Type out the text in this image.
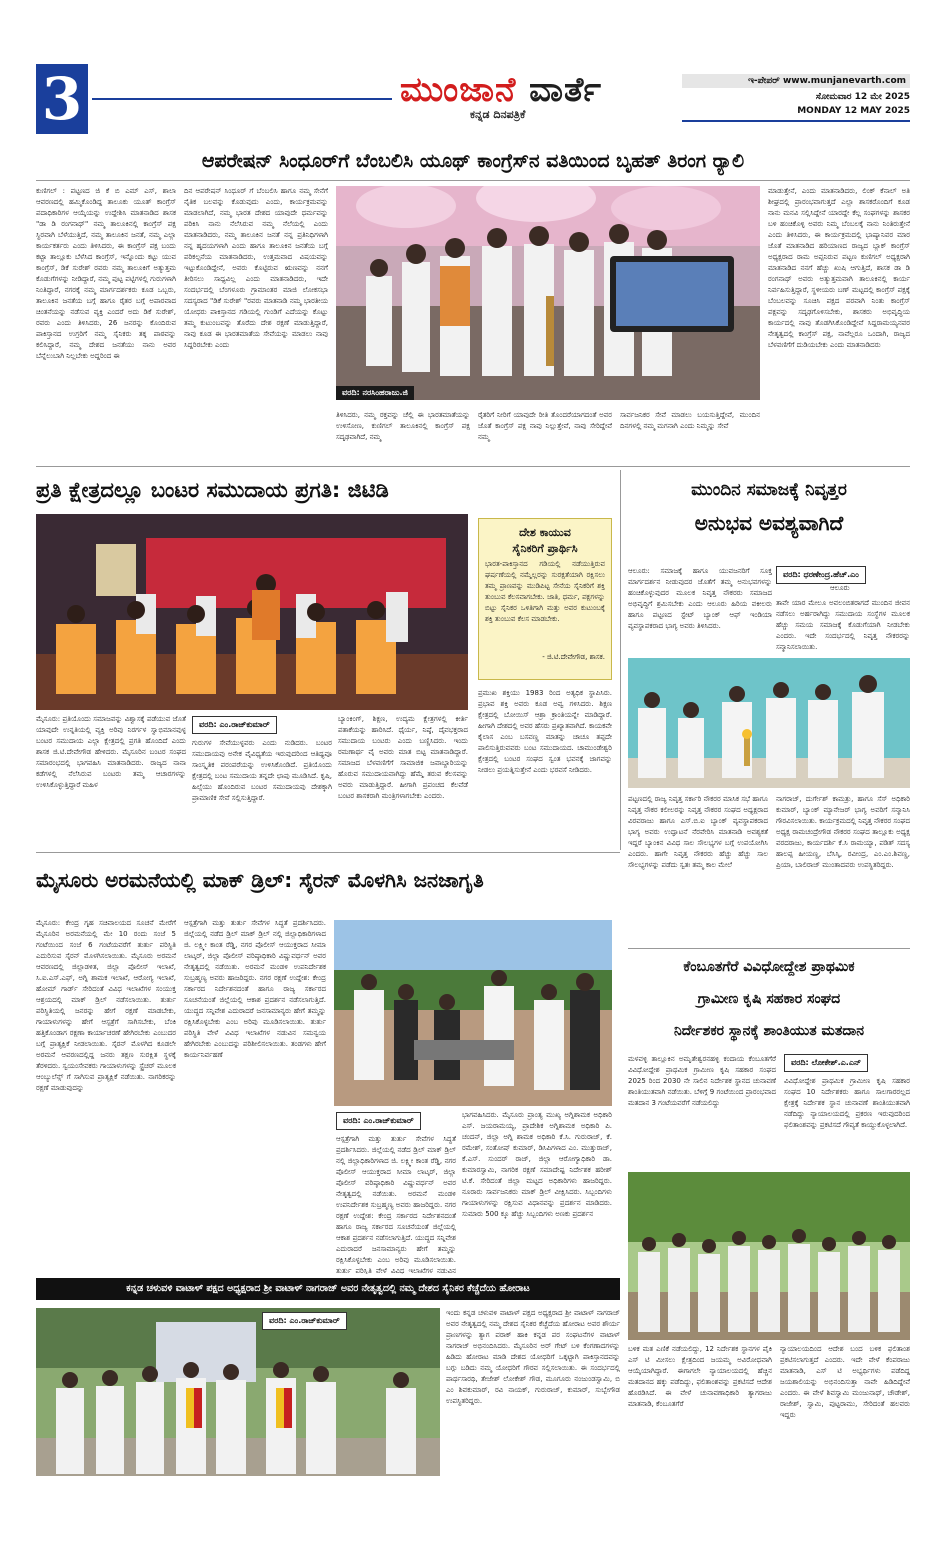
3	ಮುಂಜಾನೆ ವಾರ್ತೆ
ಕನ್ನಡ ದಿನಪತ್ರಿಕೆ
ಇ-ಪೇಪರ್ www.munjanevarth.com
ಸೋಮವಾರ 12 ಮೇ 2025
MONDAY 12 MAY 2025
ಆಪರೇಷನ್ ಸಿಂಧೂರ್‌ಗೆ ಬೆಂಬಲಿಸಿ ಯೂಥ್ ಕಾಂಗ್ರೆಸ್‌ನ ವತಿಯಿಂದ ಬೃಹತ್ ತಿರಂಗ ರ್‍ಯಾಲಿ
ಕುಣಿಗಲ್ : ಪಟ್ಟಣದ ಜಿ ಕೆ ಬಿ ಎಮ್ ಎಸ್, ಶಾಲಾ ಆವರಣದಲ್ಲಿ ಹಮ್ಮಿಕೊಂಡಿದ್ದ ತಾಲೂಕು ಯೂತ್ ಕಾಂಗ್ರೆಸ್ ಪದಾಧಿಕಾರಿಗಳ ಆಯ್ಕೆಯನ್ನು ಉದ್ದೇಶಿಸಿ ಮಾತನಾಡಿದ ಶಾಸಕ "ಡಾ ಡಿ ರಂಗನಾಥ್" ನಮ್ಮ ತಾಲೂಕಿನಲ್ಲಿ ಕಾಂಗ್ರೆಸ್ ಪಕ್ಷ ಸ್ಥಿರವಾಗಿ ಬೆಳೆಯುತ್ತಿದೆ, ನಮ್ಮ ತಾಲೂಕಿನ ಜನತೆ, ನಮ್ಮ ಎಲ್ಲಾ ಕಾರ್ಯಕರ್ತರು ಎಂದು ತಿಳಿಸಿದರು, ಈ ಕಾಂಗ್ರೆಸ್ ಪಕ್ಷ ಬಂದು ಕಟ್ಟಾ ತಾಲ್ಲೂಕು ಬೆಳೆಸಿದ ಕಾಂಗ್ರೆಸ್, ಇನ್ನೊಂದು ಕಟ್ಟು ಯುವ ಕಾಂಗ್ರೆಸ್, ಡಿಕೆ ಸುರೇಶ್ ರವರು ನಮ್ಮ ತಾಲೂಕಿಗೆ ಅತ್ಯುತ್ತಮ ಕೊಡುಗೆಗಳನ್ನು ನೀಡಿದ್ದಾರೆ, ನಮ್ಮ ಪುಟ್ಟ ಪಟ್ಟಿಗಳಲ್ಲಿ ಗುರುಗಳಾಗಿ ನಿಂತಿದ್ದಾರೆ, ನಗರಕ್ಕೆ ನಮ್ಮ ಮಾರ್ಗದರ್ಶಕರು ಕೂಡ ಒಬ್ಬರು, ತಾಲೂಕಿನ ಜನತೆಯ ಬಗ್ಗೆ ಹಾಗೂ ರೈತರ ಬಗ್ಗೆ ಅಪಾರವಾದ ಚಿಂತನೆಯನ್ನು ನಡೆಸುವ ವ್ಯಕ್ತಿ ಎಂದರೆ ಅದು ಡಿಕೆ ಸುರೇಶ್, ರವರು ಎಂದು ತಿಳಿಸಿದರು, 26 ಜನರನ್ನು ಕೊಂದಿರುವ ಪಾಕಿಸ್ತಾನದ ಉಗ್ರರಿಗೆ ನಮ್ಮ ಸೈನಿಕರು ತಕ್ಕ ಪಾಠವನ್ನು ಕಲಿಸಿದ್ದಾರೆ, ನಮ್ಮ ದೇಶದ ಜನತೆಯು ನಾನು ಅವರ ಬೆನ್ನೆಲುಬಾಗಿ ನಿಲ್ಲಬೇಕು ಅದ್ದರಿಂದ ಈ
ದಿನ ಆಪರೇಷನ್ ಸಿಂಧೂರ್ ಗೆ ಬೆಂಬಲಿಸಿ ಹಾಗೂ ನಮ್ಮ ಸೇನೆಗೆ ನೈತಿಕ ಬಲವನ್ನು ಕೊಡುವುದು ಎಂದು, ಕಾರ್ಯಕ್ರಮವನ್ನು ಮಾಡಲಾಗಿದೆ, ನಮ್ಮ ಭಾರತ ದೇಶದ ಯಾವುದೇ ಧರ್ಮವನ್ನು ಪರಿಕಿಸಿ ನಾನು ನೆಲೆಸಿರುವ ನಮ್ಮ ನೆಲೆಯಲ್ಲಿ ಎಂದು ಮಾತನಾಡಿದರು, ನಮ್ಮ ತಾಲೂಕಿನ ಜನತೆ ನನ್ನ ಪ್ರತಿನಿಧಿಗಳಾಗಿ ನನ್ನ ಹೃದಯಗಳಾಗಿ ಎಂದು ಹಾಗೂ ತಾಲೂಕಿನ ಜನತೆಯ ಬಗ್ಗೆ ಪರಿಕಲ್ಪನೆಯ ಮಾತನಾಡಿದರು, ಉತ್ತಮವಾದ ವಿಷಯವನ್ನು ಇಟ್ಟುಕೊಂಡಿದ್ದೇನೆ, ಅವರು ಕೊಟ್ಟಿರುವ ಋಣವನ್ನು ನನಗೆ ತೀರಿಸಲು ಸಾಧ್ಯವಿಲ್ಲ ಎಂದು ಮಾತನಾಡಿದರು, ಇದೇ ಸಂದರ್ಭದಲ್ಲಿ ಬೆಂಗಳೂರು ಗ್ರಾಮಾಂತರ ಮಾಜಿ ಲೋಕಸಭಾ ಸದಸ್ಯರಾದ "ಡಿಕೆ ಸುರೇಶ್ "ರವರು ಮಾತನಾಡಿ ನಮ್ಮ ಭಾರತೀಯ ಯೋಧರು ಪಾಕಿಸ್ತಾನದ ಗಡಿಯಲ್ಲಿ ಗುಂಡಿಗೆ ಎದೆಯನ್ನು ಕೊಟ್ಟು ತಮ್ಮ ಕುಟುಂಬವನ್ನು ತೊರೆದು ದೇಶ ರಕ್ಷಣೆ ಮಾಡುತ್ತಿದ್ದಾರೆ, ನಾವು ಕೂಡ ಈ ಭಾರತಮಾತೆಯ ಸೇವೆಯನ್ನು ಮಾಡಲು ನಾವು ಸಿದ್ದರಿರಬೇಕು ಎಂದು
ವರದಿ: ನರಸಿಂಹರಾಜು.ಜಿ
ತಿಳಿಸಿದರು, ನಮ್ಮ ರಕ್ತವನ್ನು ಚೆಲ್ಲಿ ಈ ಭಾರತಮಾತೆಯನ್ನು ಉಳಿಸೋಣ, ಕುಣಿಗಲ್ ತಾಲೂಕಿನಲ್ಲಿ ಕಾಂಗ್ರೆಸ್ ಪಕ್ಷ ಸದೃಢವಾಗಿದೆ, ನಮ್ಮ
ರೈತರಿಗೆ ನೀರಿಗೆ ಯಾವುದೇ ರೀತಿ ತೊಂದರೆಯಾಗದಂತೆ ಅವರ ಜೊತೆ ಕಾಂಗ್ರೆಸ್ ಪಕ್ಷ ನಾವು ನಿಲ್ಲುತ್ತೇವೆ, ನಾವು ಸೇರಿದ್ದೇವೆ ನಮ್ಮ
ಸಾರ್ವಜನಿಕರ ಸೇವೆ ಮಾಡಲು ಬಯಸುತ್ತಿದ್ದೇವೆ, ಮುಂದಿನ ದಿನಗಳಲ್ಲಿ ನಮ್ಮ ಮಗನಾಗಿ ಎಂದು ನಿಮ್ಮನ್ನು ಸೇವೆ
ಮಾಡುತ್ತೇನೆ, ಎಂದು ಮಾತನಾಡಿದರು, ಲಿಂಕ್ ಕೆನಾಲ್ ಅತಿ ಶೀಘ್ರದಲ್ಲಿ ಪ್ರಾರಂಭವಾಗುತ್ತದೆ ಎಲ್ಲಾ ಶಾಸಕರೊಂದಿಗೆ ಕೂಡ ನಾನು ಮನವಿ ಸಲ್ಲಿಸಿದ್ದೇನೆ ಯಾರದ್ದೇ ಕೆಲ್ಲ ಸಂಘಗಳನ್ನು ಶಾಸಕರ ಬಳಿ ಹಂಚಿಕೊಳ್ಳಿ ಅವರು ನಿಮ್ಮ ಬೆಂಬಲಕ್ಕೆ ನಾನು ನಿಂತಿರುತ್ತೇನೆ ಎಂದು ತಿಳಿಸಿದರು, ಈ ಕಾರ್ಯಕ್ರಮದಲ್ಲಿ ಭಾಷ್ಯಾನಿವರ ಮಾರ ಜೊತೆ ಮಾತನಾಡಿದ ಹರಿಯಾಣದ ರಾಜ್ಯದ ಬ್ಲಾಕ್ ಕಾಂಗ್ರೆಸ್ ಅಧ್ಯಕ್ಷರಾದ ರಾಮ ಅಪ್ಪನಿರುವ ಪಟ್ಟಣ ಕುಣಿಗಲ್ ಅಧ್ಯಕ್ಷರಾಗಿ ಮಾತನಾಡಿದ ನನಗೆ ಹೆಚ್ಚು ಖುಷಿ ಆಗುತ್ತಿದೆ, ಶಾಸಕ ಡಾ ಡಿ ರಂಗನಾಥ್ ಅವರು ಅತ್ಯುತ್ತಮವಾಗಿ ತಾಲೂಕಿನಲ್ಲಿ ಕಾರ್ಯ ನಿರ್ವಹಿಸುತ್ತಿದ್ದಾರೆ, ಸ್ಥಳೀಯರು ಬಣ್ ಮಟ್ಟದಲ್ಲಿ ಕಾಂಗ್ರೆಸ್ ಪಕ್ಷಕ್ಕೆ ಬೆಂಬಲವನ್ನು ಸೂಚಿಸಿ ಪಕ್ಷದ ಪರವಾಗಿ ನಿಂತು ಕಾಂಗ್ರೆಸ್ ಪಕ್ಷವನ್ನು ಸದೃಢಗೊಳಿಸಬೇಕು, ಶಾಸಕರು ಅಭಿವೃದ್ಧಿಯ ಕಾರ್ಯದಲ್ಲಿ ನಾವು ತೊಡಗಿಸಿಕೊಂಡಿದ್ದೇವೆ ಸಿದ್ದರಾಮಯ್ಯನವರ ನೇತೃತ್ವದಲ್ಲಿ ಕಾಂಗ್ರೆಸ್ ಪಕ್ಷ, ನಾವೆಲ್ಲರೂ ಒಂದಾಗಿ, ರಾಜ್ಯದ ಬೆಳವಣಿಗೆಗೆ ದುಡಿಯಬೇಕು ಎಂದು ಮಾತನಾಡಿದರು
ಪ್ರತಿ ಕ್ಷೇತ್ರದಲ್ಲೂ ಬಂಟರ ಸಮುದಾಯ ಪ್ರಗತಿ: ಜಿಟಿಡಿ
ವರದಿ: ಎಂ.ರಾಜ್‌ಕುಮಾರ್
ಮೈಸೂರು: ಪ್ರತಿಯೊಂದು ಸಮಾಜವನ್ನು ವಿಶ್ವಾಸಕ್ಕೆ ಪಡೆಯುವ ಜೊತೆ ಯಾವುದೇ ಉನ್ನತಿಯಲ್ಲಿ ವ್ಯಕ್ತಿ ಅರಿವು ನಿರರ್ಗಳ ಸ್ವಾಭಿಮಾನವುಳ್ಳ ಬಂಟರ ಸಮುದಾಯ ಎಲ್ಲಾ ಕ್ಷೇತ್ರದಲ್ಲಿ ಪ್ರಗತಿ ಹೊಂದಿದೆ ಎಂದು ಶಾಸಕ ಜಿ.ಟಿ.ದೇವೇಗೌಡ ಹೇಳಿದರು. ಮೈಸೂರಿನ ಬಂಟರ ಸಂಘದ ಸಮಾರಂಭದಲ್ಲಿ ಭಾಗವಹಿಸಿ ಮಾತನಾಡಿದರು. ರಾಜ್ಯದ ನಾನಾ ಕಡೆಗಳಲ್ಲಿ ನೆಲೆಸಿರುವ ಬಂಟರು ತಮ್ಮ ಆಚಾರಗಳನ್ನು ಉಳಿಸಿಕೊಳ್ಳುತ್ತಿದ್ದಾರೆ ಮಹಿಳ
ಗುರುಗಳ ಸೇವೆಯುಳ್ಳವರು ಎಂದು ನುಡಿದರು. ಬಂಟರ ಸಮುದಾಯವು ಅನೇಕ ವೈವಿಧ್ಯತೆಯ ಇರುವುದರಿಂದ ಆತಿಥ್ಯವೂ ಸಾಂಸ್ಕೃತಿಕ ಪರಂಪರೆಯನ್ನು ಉಳಿಸಿಕೊಂಡಿದೆ. ಪ್ರತಿಯೊಂದು ಕ್ಷೇತ್ರದಲ್ಲಿ ಬಂಟ ಸಮುದಾಯ ತನ್ನದೇ ಛಾಪು ಮೂಡಿಸಿದೆ. ಕೃಷಿ, ಹಿಲ್ಸೆಯು ಹೊಂದಿರುವ ಬಂಟರ ಸಮುದಾಯವು ದೇಶಕ್ಕಾಗಿ ಪ್ರಾಮಾಣಿಕ ಸೇವೆ ಸಲ್ಲಿಸುತ್ತಿದ್ದಾರೆ.
ಬ್ಯಾಂಕಿಂಗ್, ಶಿಕ್ಷಣ, ಉದ್ಯಮ ಕ್ಷೇತ್ರಗಳಲ್ಲಿ ಕೀರ್ತಿ ಪತಾಕೆಯನ್ನು ಹಾರಿಸಿದೆ. ಧೈರ್ಯ, ನಿಷ್ಠೆ, ದೈವಭಕ್ತರಾದ ಸಮುದಾಯ ಬಂಟರು ಎಂದು ಬಣ್ಣಿಸಿದರು. ಇಂದು ರಮಣಾರ್ಥ ವೈ ಅವರು ಮಾತ ಬಿಟ್ಟ ಮಾತನಾಡಿದ್ದಾರೆ. ಸಮಾಜದ ಬೆಳವಣಿಗೆಗೆ ಸಾಮಾಜಿಕ ಜವಾಬ್ದಾರಿಯನ್ನು ಹೊರುವ ಸಮುದಾಯವಾಗಿದ್ದು ಹೆಮ್ಮೆ ತರುವ ಕೆಲಸವನ್ನು ಅವರು ಮಾಡುತ್ತಿದ್ದಾರೆ. ಹೀಗಾಗಿ ಪ್ರಪಂಚದ ಕೆಲವೆಡೆ ಬಂಟರ ಶಾಸಕರಾಗಿ ಮಂತ್ರಿಗಳಾಗಬೇಕು ಎಂದರು.
ದೇಶ ಕಾಯುವ
ಸೈನಿಕರಿಗೆ ಪ್ರಾರ್ಥಿಸಿ
ಭಾರತ-ಪಾಕಿಸ್ತಾನದ ಗಡಿಯಲ್ಲಿ ನಡೆಯುತ್ತಿರುವ ಘರ್ಷಣೆಯಲ್ಲಿ ನಮ್ಮೆಲ್ಲರನ್ನು ಸುರಕ್ಷತೆಯಾಗಿ ರಕ್ಷಿಸಲು ತಮ್ಮ ಪ್ರಾಣವನ್ನು ಮುಡಿಪಿಟ್ಟ ಸೇನೆಯ ಸೈನಿಕರಿಗೆ ಶಕ್ತಿ ತುಂಬುವ ಕೆಲಸವಾಗಬೇಕು. ಜಾತಿ, ಧರ್ಮ, ಪಕ್ಷಗಳನ್ನು ಬಿಟ್ಟು ಸೈನಿಕರ ಒಳಿತಿಗಾಗಿ ಮತ್ತು ಅವರ ಕುಟುಂಬಕ್ಕೆ ಶಕ್ತಿ ತುಂಬುವ ಕೆಲಸ ಮಾಡಬೇಕು.
- ಜಿ.ಟಿ.ದೇವೇಗೌಡ, ಶಾಸಕ.
ಪ್ರಮುಖ ಶಕ್ತಿಯು 1983 ರಿಂದ ಅತ್ಯಧಿಕ ಸ್ಥಾಪಿಸಿರು. ಪ್ರಭಾವ ಶಕ್ತಿ ಅವರು ಕೂಡ ಅವ್ವ ಗಳಿಸಿದರು. ಶಿಕ್ಷಣ ಕ್ಷೇತ್ರದಲ್ಲಿ ಬೋಯಿಸ್ ಆಶ್ರಾ ಕ್ರಾಂತಿಯನ್ನೇ ಮಾಡಿದ್ದಾರೆ. ಹೀಗಾಗಿ ದೇಶದಲ್ಲಿ ಅವರ ಹೆಸರು ಪ್ರಖ್ಯಾತವಾಗಿದೆ. ಕಾಯಕವೇ ಕೈಲಾಸ ಎಂಬ ಬಸವಣ್ಣ ಮಾತನ್ನು ಚಾಚೂ ತಪ್ಪದೇ ಪಾಲಿಸುತ್ತಿರುವವರು ಬಂಟ ಸಮುದಾಯದ. ಚಾಮುಂಡೇಶ್ವರಿ ಕ್ಷೇತ್ರದಲ್ಲಿ ಬಂಟರ ಸಂಘದ ಸ್ವಂತ ಭವನಕ್ಕೆ ಜಾಗವನ್ನು ನೀಡಲು ಪ್ರಯತ್ನಿಸುತ್ತೇನೆ ಎಂದು ಭರವಸೆ ನೀಡಿದರು.
ಮುಂದಿನ ಸಮಾಜಕ್ಕೆ ನಿವೃತ್ತರ
ಅನುಭವ ಅವಶ್ಯವಾಗಿದೆ
ವರದಿ: ಧರಣೇಂದ್ರ.ಹೆಚ್.ಎಂ
ಆಲೂರು
ಆಲೂರು: ಸಮಾಜಕ್ಕೆ ಹಾಗೂ ಯುವಜನರಿಗೆ ಸೂಕ್ತ ಮಾರ್ಗದರ್ಶನ ನೀಡುವುದರ ಜೊತೆಗೆ ತಮ್ಮ ಅನುಭವಗಳನ್ನು ಹಂಚಿಕೊಳ್ಳುವುದರ ಮೂಲಕ ನಿವೃತ್ತ ನೌಕರರು ಸಮಾಜದ ಅಭಿವೃದ್ಧಿಗೆ ಶ್ರಮಿಸಬೇಕು ಎಂದು ಆಲೂರು ಹಿರಿಯ ವಕೀಲರು ಹಾಗೂ ಪಟ್ಟಣದ ಸ್ಟೇಟ್ ಬ್ಯಾಂಕ್ ಆಫ್ ಇಂಡಿಯಾ ವ್ಯವಸ್ಥಾಪಕರಾದ ಭಾಗ್ಯ ಅವರು ತಿಳಿಸಿದರು.
ತಾವೇ ಯಾರ ಮೇಲೂ ಅವಲಂಬಿತರಾಗದೆ ಮುಂದಿನ ಜೀವನ ನಡೆಸಲು ಅರ್ಹರಾಗಿದ್ದು ಸಮುದಾಯ ಸಂಸ್ಥೆಗಳ ಮೂಲಕ ಹೆಚ್ಚು ಸಮಯ ಸಮಾಜಕ್ಕೆ ಕೊಡುಗೆಯಾಗಿ ನೀಡಬೇಕು ಎಂದರು. ಇದೇ ಸಂದರ್ಭದಲ್ಲಿ ನಿವೃತ್ತ ನೌಕರರನ್ನು ಸನ್ಮಾನಿಸಲಾಯಿತು.
ಪಟ್ಟಣದಲ್ಲಿ ರಾಜ್ಯ ನಿವೃತ್ತ ಸರ್ಕಾರಿ ನೌಕರರ ಮಾಸಿಕ ಸಭೆ ಹಾಗೂ ನಿವೃತ್ತ ನೌಕರ ಕಲೀಲರನ್ನು ನಿವೃತ್ತ ನೌಕರರ ಸಂಘದ ಅಧ್ಯಕ್ಷರಾದ ವಿರವರಾಜು ಹಾಗೂ ಎಸ್.ಬಿ.ಐ ಬ್ಯಾಂಕ್ ವ್ಯವಸ್ಥಾಪಕರಾದ ಭಾಗ್ಯ ಅವರು ಉದ್ಘಾಟನೆ ನೆರವೇರಿಸಿ ಮಾತನಾಡಿ ಅವಶ್ಯಕತೆ ಇದ್ದರೆ ಬ್ಯಾಂಕಿನ ವಿವಿಧ ಸಾಲ ಸೌಲಭ್ಯಗಳ ಬಗ್ಗೆ ಉಪಯೋಗಿಸಿ ಎಂದರು. ಹಾಗೇ ನಿವೃತ್ತ ನೌಕರರು ಹೆಚ್ಚು ಹೆಚ್ಚು ಸಾಲ ಸೌಲಭ್ಯಗಳನ್ನು ಪಡೆದು ಸ್ವತಃ ತಮ್ಮ ಕಾಲ ಮೇಲೆ
ನಾಗರಾಜ್, ದುರ್ಗೇಶ್ ಕಾಮತ್ರು, ಹಾಗೂ ಸೆಸ್ ಅಧಿಕಾರಿ ಕುಮಾರ್, ಬ್ಯಾಂಕ್ ಮ್ಯಾನೇಜರ್ ಭಾಗ್ಯ ಅವರಿಗೆ ಸನ್ಮಾನಿಸಿ ಗೌರವಿಸಲಾಯಿತು. ಕಾರ್ಯಕ್ರಮದಲ್ಲಿ ನಿವೃತ್ತ ನೌಕರರ ಸಂಘದ ಅಧ್ಯಕ್ಷ ರಾಮಚಂದ್ರೇಗೌಡ ನೌಕರರ ಸಂಘದ ತಾಲ್ಲೂಕು ಅಧ್ಯಕ್ಷ ವರದರಾಜು, ಕಾರ್ಯದರ್ಶಿ ಕೆ.ಸಿ ರಾಮಯ್ಯಾ, ಪಡಿತ್ ಸದಸ್ಯ ಹಾಲಪ್ಪ ಹೀಯಣ್ಣ, ಬೆಸಿಸ್ಕಿ, ರವೀಂದ್ರ, ಎಂ.ಎಂ.ಶಿವಣ್ಣ, ಪ್ರಿಯಾ, ಬಾಲಿರಾಜ್ ಮುಂತಾದವರು ಉಪಸ್ಥಿತರಿದ್ದರು.
ಮೈಸೂರು ಅರಮನೆಯಲ್ಲಿ ಮಾಕ್ ಡ್ರಿಲ್: ಸೈರನ್ ಮೊಳಗಿಸಿ ಜನಜಾಗೃತಿ
ಮೈಸೂರು: ಕೇಂದ್ರ ಗೃಹ ಸಚಿವಾಲಯದ ಸೂಚನೆ ಮೇರೆಗೆ ಮೈಸೂರಿನ ಅರಮನೆಯಲ್ಲಿ ಮೇ 10 ರಂದು ಸಂಜೆ 5 ಗಂಟೆಯಿಂದ ಸಂಜೆ 6 ಗಂಟೆಯವರೆಗೆ ತುರ್ತು ಪರಿಸ್ಥಿತಿ ಎದುರಿಸುವ ಸೈರನ್ ಮೊಳಗಿಸಲಾಯಿತು. ಮೈಸೂರು ಅರಮನೆ ಆವರಣದಲ್ಲಿ ಜಿಲ್ಲಾಡಳಿತ, ಜಿಲ್ಲಾ ಪೊಲೀಸ್ ಇಲಾಖೆ, ಸಿ.ಐ.ಎಸ್.ಎಫ್, ಅಗ್ನಿ ಶಾಮಕ ಇಲಾಖೆ, ಆರೋಗ್ಯ ಇಲಾಖೆ, ಹೋಮ್ ಗಾರ್ಡ್ ಸೇರಿದಂತೆ ವಿವಿಧ ಇಲಾಖೆಗಳ ಸಂಯುಕ್ತ ಆಶ್ರಯದಲ್ಲಿ ಮಾಕ್ ಡ್ರಿಲ್ ನಡೆಸಲಾಯಿತು. ತುರ್ತು ಪರಿಸ್ಥಿತಿಯಲ್ಲಿ ಜನರನ್ನು ಹೇಗೆ ರಕ್ಷಣೆ ಮಾಡಬೇಕು, ಗಾಯಾಳುಗಳನ್ನು ಹೇಗೆ ಆಸ್ಪತ್ರೆಗೆ ಸಾಗಿಸಬೇಕು, ಬೆಂಕಿ ಹತ್ತಿಕೊಂಡಾಗ ರಕ್ಷಣಾ ಕಾರ್ಯಾಚರಣೆ ಹೇಗಿರಬೇಕು ಎಂಬುದರ ಬಗ್ಗೆ ಪ್ರಾತ್ಯಕ್ಷಿಕೆ ನೀಡಲಾಯಿತು. ಸೈರನ್ ಮೊಳಗಿದ ಕೂಡಲೇ ಅರಮನೆ ಆವರಣದಲ್ಲಿದ್ದ ಜನರು ತಕ್ಷಣ ಸುರಕ್ಷಿತ ಸ್ಥಳಕ್ಕೆ ತೆರಳಿದರು. ಸ್ವಯಂಸೇವಕರು ಗಾಯಾಳುಗಳನ್ನು ಸ್ಟ್ರೆಚರ್ ಮೂಲಕ ಆಂಬ್ಯುಲೆನ್ಸ್ ಗೆ ಸಾಗಿಸುವ ಪ್ರಾತ್ಯಕ್ಷಿಕೆ ನಡೆಯಿತು. ನಾಗರಿಕರನ್ನು ರಕ್ಷಣೆ ಮಾಡುವುದನ್ನು
ಆಸ್ಪತ್ರೆಗಾಗಿ ಮತ್ತು ತುರ್ತು ಸೇವೆಗಳ ಸಿದ್ಧತೆ ಪ್ರದರ್ಶಿಸಿದರು. ಜಿಲ್ಲೆಯಲ್ಲಿ ನಡೆದ ಡ್ರಿಲ್ ಮಾಕ್ ಡ್ರಿಲ್ ನಲ್ಲಿ ಜಿಲ್ಲಾಧಿಕಾರಿಗಳಾದ ಜಿ. ಲಕ್ಷ್ಮೀ ಕಾಂತ ರೆಡ್ಡಿ, ನಗರ ಪೊಲೀಸ್ ಆಯುಕ್ತರಾದ ಸೀಮಾ ಲಾಟ್ಕರ್, ಜಿಲ್ಲಾ ಪೊಲೀಸ್ ವರಿಷ್ಠಾಧಿಕಾರಿ ವಿಷ್ಣುವರ್ಧನ್ ಅವರ ನೇತೃತ್ವದಲ್ಲಿ ನಡೆಯಿತು. ಅರಮನೆ ಮಂಡಳಿ ಉಪನಿರ್ದೇಶಕ ಸುಬ್ರಹ್ಮಣ್ಯ ಅವರು ಹಾಜರಿದ್ದರು. ನಗರ ರಕ್ಷಣೆ ಉದ್ದೇಶ: ಕೇಂದ್ರ ಸರ್ಕಾರದ ನಿರ್ದೇಶನದಂತೆ ಹಾಗೂ ರಾಜ್ಯ ಸರ್ಕಾರದ ಸೂಚನೆಯಂತೆ ಜಿಲ್ಲೆಯಲ್ಲಿ ಆಕಾಶ ಪ್ರದರ್ಶನ ನಡೆಸಲಾಗುತ್ತಿದೆ. ಯುದ್ಧದ ಸನ್ನಿವೇಶ ಎದುರಾದರೆ ಜನಸಾಮಾನ್ಯರು ಹೇಗೆ ತಮ್ಮನ್ನು ರಕ್ಷಿಸಿಕೊಳ್ಳಬೇಕು ಎಂಬ ಅರಿವು ಮೂಡಿಸಲಾಯಿತು. ತುರ್ತು ಪರಿಸ್ಥಿತಿ ವೇಳೆ ವಿವಿಧ ಇಲಾಖೆಗಳ ನಡುವಿನ ಸಮನ್ವಯ ಹೇಗಿರಬೇಕು ಎಂಬುದನ್ನು ಪರಿಶೀಲಿಸಲಾಯಿತು. ತಂಡಗಳು ಹೇಗೆ ಕಾರ್ಯನಿರ್ವಹಣೆ
ವರದಿ: ಎಂ.ರಾಜ್‌ಕುಮಾರ್
ಆಸ್ಪತ್ರೆಗಾಗಿ ಮತ್ತು ತುರ್ತು ಸೇವೆಗಳ ಸಿದ್ಧತೆ ಪ್ರದರ್ಶಿಸಿದರು. ಜಿಲ್ಲೆಯಲ್ಲಿ ನಡೆದ ಡ್ರಿಲ್ ಮಾಕ್ ಡ್ರಿಲ್ ನಲ್ಲಿ ಜಿಲ್ಲಾಧಿಕಾರಿಗಳಾದ ಜಿ. ಲಕ್ಷ್ಮೀ ಕಾಂತ ರೆಡ್ಡಿ, ನಗರ ಪೊಲೀಸ್ ಆಯುಕ್ತರಾದ ಸೀಮಾ ಲಾಟ್ಕರ್, ಜಿಲ್ಲಾ ಪೊಲೀಸ್ ವರಿಷ್ಠಾಧಿಕಾರಿ ವಿಷ್ಣುವರ್ಧನ್ ಅವರ ನೇತೃತ್ವದಲ್ಲಿ ನಡೆಯಿತು. ಅರಮನೆ ಮಂಡಳಿ ಉಪನಿರ್ದೇಶಕ ಸುಬ್ರಹ್ಮಣ್ಯ ಅವರು ಹಾಜರಿದ್ದರು. ನಗರ ರಕ್ಷಣೆ ಉದ್ದೇಶ: ಕೇಂದ್ರ ಸರ್ಕಾರದ ನಿರ್ದೇಶನದಂತೆ ಹಾಗೂ ರಾಜ್ಯ ಸರ್ಕಾರದ ಸೂಚನೆಯಂತೆ ಜಿಲ್ಲೆಯಲ್ಲಿ ಆಕಾಶ ಪ್ರದರ್ಶನ ನಡೆಸಲಾಗುತ್ತಿದೆ. ಯುದ್ಧದ ಸನ್ನಿವೇಶ ಎದುರಾದರೆ ಜನಸಾಮಾನ್ಯರು ಹೇಗೆ ತಮ್ಮನ್ನು ರಕ್ಷಿಸಿಕೊಳ್ಳಬೇಕು ಎಂಬ ಅರಿವು ಮೂಡಿಸಲಾಯಿತು. ತುರ್ತು ಪರಿಸ್ಥಿತಿ ವೇಳೆ ವಿವಿಧ ಇಲಾಖೆಗಳ ನಡುವಿನ
ಭಾಗವಹಿಸಿದರು. ಮೈಸೂರು ಪ್ರಾಂತ್ಯ ಮುಖ್ಯ ಅಗ್ನಿಶಾಮಕ ಅಧಿಕಾರಿ ಎಸ್. ಜಯರಾಮಯ್ಯ, ಪ್ರಾದೇಶಿಕ ಅಗ್ನಿಶಾಮಕ ಅಧಿಕಾರಿ ಪಿ. ಚಂದನ್, ಜಿಲ್ಲಾ ಅಗ್ನಿ ಶಾಮಕ ಅಧಿಕಾರಿ ಕೆ.ಸಿ. ಗುರುರಾಜ್, ಕೆ. ರಮೇಶ್, ಸಂತೋಷ್ ಕುಮಾರ್, ಡಿಸಿಪಿಗಳಾದ ಎಂ. ಮುತ್ತುರಾಜ್, ಕೆ.ಎಸ್. ಸುಂದರ್ ರಾಜ್, ಜಿಲ್ಲಾ ಆರೋಗ್ಯಾಧಿಕಾರಿ ಡಾ. ಕುಮಾರಸ್ವಾಮಿ, ನಾಗರಿಕ ರಕ್ಷಣೆ ಸಮಾದೇಷ್ಟ ನಿರ್ದೇಶಕ ಹರೀಶ್ ಟಿ.ಕೆ. ಸೇರಿದಂತೆ ಜಿಲ್ಲಾ ಮಟ್ಟದ ಅಧಿಕಾರಿಗಳು ಹಾಜರಿದ್ದರು. ನೂರಾರು ಸಾರ್ವಜನಿಕರು ಮಾಕ್ ಡ್ರಿಲ್ ವೀಕ್ಷಿಸಿದರು. ಸಿಬ್ಬಂದಿಗಳು ಗಾಯಾಳುಗಳನ್ನು ರಕ್ಷಿಸುವ ವಿಧಾನವನ್ನು ಪ್ರದರ್ಶನ ಮಾಡಿದರು. ಸುಮಾರು 500 ಕ್ಕೂ ಹೆಚ್ಚು ಸಿಬ್ಬಂದಿಗಳು ಅಣಕು ಪ್ರದರ್ಶನ
ಕೆಂಬೂತಗೆರೆ ವಿವಿಧೋದ್ದೇಶ ಪ್ರಾಥಮಿಕ
ಗ್ರಾಮೀಣ ಕೃಷಿ ಸಹಕಾರ ಸಂಘದ
ನಿರ್ದೇಶಕರ ಸ್ಥಾನಕ್ಕೆ ಶಾಂತಿಯುತ ಮತದಾನ
ವರದಿ: ಲೋಕೇಶ್.ಎ.ಎನ್
ಮಳವಳ್ಳಿ ತಾಲ್ಲೂಕಿನ ಅಮೃತೇಶ್ವರನಹಳ್ಳಿ ಕಂದಾಯ ಕೆಂಬೂತಗೆರೆ ವಿವಿಧೋದ್ದೇಶ ಪ್ರಾಥಮಿಕ ಗ್ರಾಮೀಣ ಕೃಷಿ ಸಹಕಾರ ಸಂಘದ 2025 ರಿಂದ 2030 ನೇ ಸಾಲಿನ ನಿರ್ದೇಶಕ ಸ್ಥಾನದ ಚುನಾವಣೆ ಶಾಂತಿಯುತವಾಗಿ ನಡೆಯಿತು. ಬೆಳಿಗ್ಗೆ 9 ಗಂಟೆಯಿಂದ ಪ್ರಾರಂಭವಾದ ಮತದಾನ 3 ಗಂಟೆಯವರೆಗೆ ನಡೆಯಲಿದ್ದು
ವಿವಿಧೋದ್ದೇಶ ಪ್ರಾಥಮಿಕ ಗ್ರಾಮೀಣ ಕೃಷಿ ಸಹಕಾರ ಸಂಘದ 10 ನಿರ್ದೇಶಕರು ಹಾಗೂ ಸಾಲಗಾರರಲ್ಲದ ಕ್ಷೇತ್ರಕ್ಕೆ ನಿರ್ದೇಶಕ ಸ್ಥಾನ ಚುನಾವಣೆ ಶಾಂತಿಯುತವಾಗಿ ನಡೆದಿದ್ದು ನ್ಯಾಯಾಲಯದಲ್ಲಿ ಪ್ರಕರಣ ಇರುವುದರಿಂದ ಫಲಿತಾಂಶವನ್ನು ಪ್ರಕಟಿಸದೆ ಗೌಪ್ಯತೆ ಕಾಯ್ದುಕೊಳ್ಳಲಾಗಿದೆ.
ಬಳಿಕ ಮತ ಎಣಿಕೆ ನಡೆಯಲಿದ್ದು, 12 ನಿರ್ದೇಶಕ ಸ್ಥಾನಗಳ ಪೈಕಿ ಎಸ್ ಟಿ ಮೀಸಲು ಕ್ಷೇತ್ರದಿಂದ ಜಯಮ್ಮ ಅವಿರೋಧವಾಗಿ ಆಯ್ಕೆಯಾಗಿದ್ದಾರೆ. ಈಗಾಗಲೇ ನ್ಯಾಯಾಲಯದಲ್ಲಿ ಹೆಚ್ಚಿನ ಮತದಾನದ ಹಕ್ಕು ಪಡೆದಿದ್ದು, ಫಲಿತಾಂಶವನ್ನು ಪ್ರಕಟಿಸದೆ ಆದೇಶ ಹೊರಡಿಸಿದೆ. ಈ ವೇಳೆ ಚುನಾವಣಾಧಿಕಾರಿ ತ್ಯಾಗರಾಜು ಮಾತನಾಡಿ, ಕೆಂಬೂತಗೆರೆ
ನ್ಯಾಯಾಲಯದಿಂದ ಆದೇಶ ಬಂದ ಬಳಿಕ ಫಲಿತಾಂಶ ಪ್ರಕಟಿಸಲಾಗುತ್ತದೆ ಎಂದರು. ಇದೇ ವೇಳೆ ಕೆಂಪರಾಜು ಮಾತನಾಡಿ, ಎಸ್ ಟಿ ಅಭ್ಯರ್ಥಿಗಳು ಪಡೆದಿದ್ದ ಜಯಶಾಲಿಯನ್ನು ಅಭಿನಂದಿಸುತ್ತಾ ನಾವೇ ಹಿಡಿದಿದ್ದೇವೆ ಎಂದರು. ಈ ವೇಳೆ ಶಿವಸ್ವಾಮಿ ಮಂಜುನಾಥ್, ಚೌಡೇಶ್, ರಾಜೇಶ್, ಸ್ವಾಮಿ, ಪುಟ್ಟರಾಮು, ಸೇರಿದಂತೆ ಹಲವರು ಇದ್ದರು
ಕನ್ನಡ ಚಳುವಳಿ ವಾಟಾಳ್ ಪಕ್ಷದ ಅಧ್ಯಕ್ಷರಾದ ಶ್ರೀ ವಾಟಾಳ್ ನಾಗರಾಜ್ ಅವರ ನೇತೃತ್ವದಲ್ಲಿ ನಮ್ಮ ದೇಶದ ಸೈನಿಕರ ಕೆಚ್ಚೆದೆಯ ಹೋರಾಟ
ವರದಿ: ಎಂ.ರಾಜ್‌ಕುಮಾರ್
ಇಂದು ಕನ್ನಡ ಚಳುವಳಿ ವಾಟಾಳ್ ಪಕ್ಷದ ಅಧ್ಯಕ್ಷರಾದ ಶ್ರೀ ವಾಟಾಳ್ ನಾಗರಾಜ್ ಅವರ ನೇತೃತ್ವದಲ್ಲಿ ನಮ್ಮ ದೇಶದ ಸೈನಿಕರ ಕೆಚ್ಚೆದೆಯ ಹೋರಾಟ ಅವರ ಶೌರ್ಯ ಪ್ರಾಣಗಳನ್ನು ತ್ಯಾಗ ಪರಾಕ್ ಹಾಕಿ ಕನ್ನಡ ಪರ ಸಂಘಟನೆಗಳ ವಾಟಾಳ್ ನಾಗರಾಜ್ ಅಭಿನಂದಿಸಿದರು. ಮೈಸೂರಿನ ಅರ್ ಗೇಟ್ ಬಳಿ ಕೆಂಗಣಾದಗಳನ್ನು ಹಿಡಿದು ಹೋರಾಟ ಮಾಡಿ ದೇಶದ ಯೋಧರಿಗೆ ಒಕ್ಕಟ್ಟಾಗಿ ಪಾಕಿಸ್ತಾನದವನ್ನು ಬಗ್ಗು ಬಡಿದು ನಮ್ಮ ಯೋಧರಿಗೆ ಗೌರವ ಸಲ್ಲಿಸಲಾಯಿತು. ಈ ಸಂದರ್ಭದಲ್ಲಿ ಪಾರ್ಥಸಾರಥಿ, ತೇಜೇಶ್ ಲೋಕೇಶ್ ಗೌಡ, ಮೂಗೂರು ನಂಜುಂಡಸ್ವಾಮಿ, ಬಿ ಎಂ ಶಿವಕುಮಾರ್, ರವಿ ನಾಯಕ್, ಗುರುರಾಜ್, ಕುಮಾರ್, ಸುಬ್ಬೇಗೌಡ ಉಪಸ್ಥಿತರಿದ್ದರು.
